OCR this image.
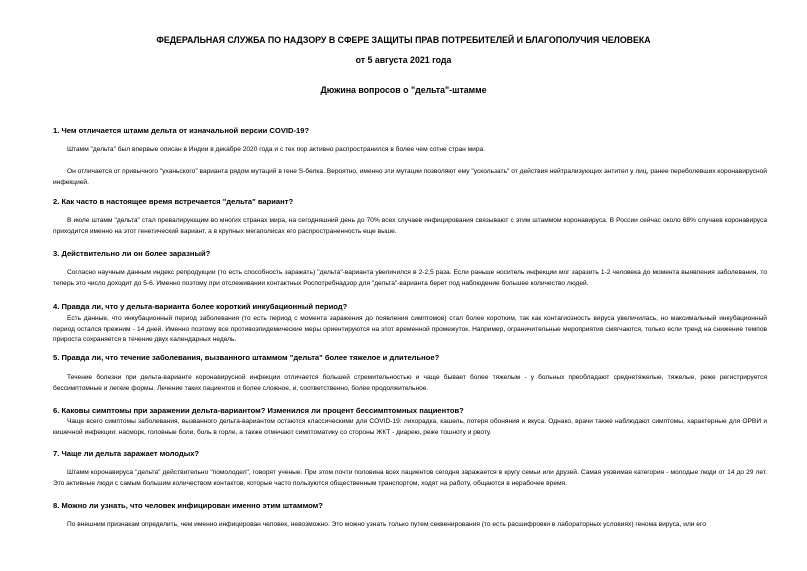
ФЕДЕРАЛЬНАЯ СЛУЖБА ПО НАДЗОРУ В СФЕРЕ ЗАЩИТЫ ПРАВ ПОТРЕБИТЕЛЕЙ И БЛАГОПОЛУЧИЯ ЧЕЛОВЕКА
от 5 августа 2021 года
Дюжина вопросов о "дельта"-штамме
1. Чем отличается штамм дельта от изначальной версии COVID-19?
Штамм "дельта" был впервые описан в Индии в декабре 2020 года и с тех пор активно распространился в более чем сотне стран мира.
Он отличается от привычного "уханьского" варианта рядом мутаций в гене S-белка. Вероятно, именно эти мутации позволяют ему "ускользать" от действия нейтрализующих антител у лиц, ранее переболевших коронавирусной инфекцией.
2. Как часто в настоящее время встречается "дельта" вариант?
В июле штамм "дельта" стал превалирующим во многих странах мира, на сегодняшний день до 70% всех случаев инфицирования связывают с этим штаммом коронавируса. В России сейчас около 68% случаев коронавируса приходится именно на этот генетический вариант, а в крупных мегаполисах его распространенность еще выше.
3. Действительно ли он более заразный?
Согласно научным данным индекс репродукции (то есть способность заражать) "дельта"-варианта увеличился в 2-2,5 раза. Если раньше носитель инфекции мог заразить 1-2 человека до момента выявления заболевания, то теперь это число доходит до 5-6. Именно поэтому при отслеживании контактных Роспотребнадзор для "дельта"-варианта берет под наблюдение большее количество людей.
4. Правда ли, что у дельта-варианта более короткий инкубационный период?
Есть данные, что инкубационный период заболевания (то есть период с момента заражения до появления симптомов) стал более коротким, так как контагиозность вируса увеличилась, но максимальный инкубационный период остался прежним - 14 дней. Именно поэтому все противоэпидемические меры ориентируются на этот временной промежуток. Например, ограничительные мероприятия смягчаются, только если тренд на снижение темпов прироста сохраняется в течение двух календарных недель.
5. Правда ли, что течение заболевания, вызванного штаммом "дельта" более тяжелое и длительное?
Течение болезни при дельта-варианте коронавирусной инфекции отличается большей стремительностью и чаще бывает более тяжелым - у больных преобладают среднетяжелые, тяжелые, реже регистрируется бессимптомные и легкие формы. Лечение таких пациентов и более сложное, и, соответственно, более продолжительное.
6. Каковы симптомы при заражении дельта-вариантом? Изменился ли процент бессимптомных пациентов?
Чаще всего симптомы заболевания, вызванного дельта-вариантом остаются классическими для COVID-19: лихорадка, кашель, потеря обоняния и вкуса. Однако, врачи также наблюдают симптомы, характерные для ОРВИ и кишечной инфекции: насморк, головные боли, боль в горле, а также отмечают симптоматику со стороны ЖКТ - диарею, реже тошноту и рвоту.
7. Чаще ли дельта заражает молодых?
Штамм коронавируса "дельта" действительно "помолодел", говорят ученые. При этом почти половина всех пациентов сегодня заражается в кругу семьи или друзей. Самая уязвимая категория - молодые люди от 14 до 29 лет. Это активные люди с самым большим количеством контактов, которые часто пользуются общественным транспортом, ходят на работу, общаются в нерабочее время.
8. Можно ли узнать, что человек инфицирован именно этим штаммом?
По внешним признакам определить, чем именно инфицирован человек, невозможно. Это можно узнать только путем секвенирования (то есть расшифровки в лабораторных условиях) генома вируса, или его
